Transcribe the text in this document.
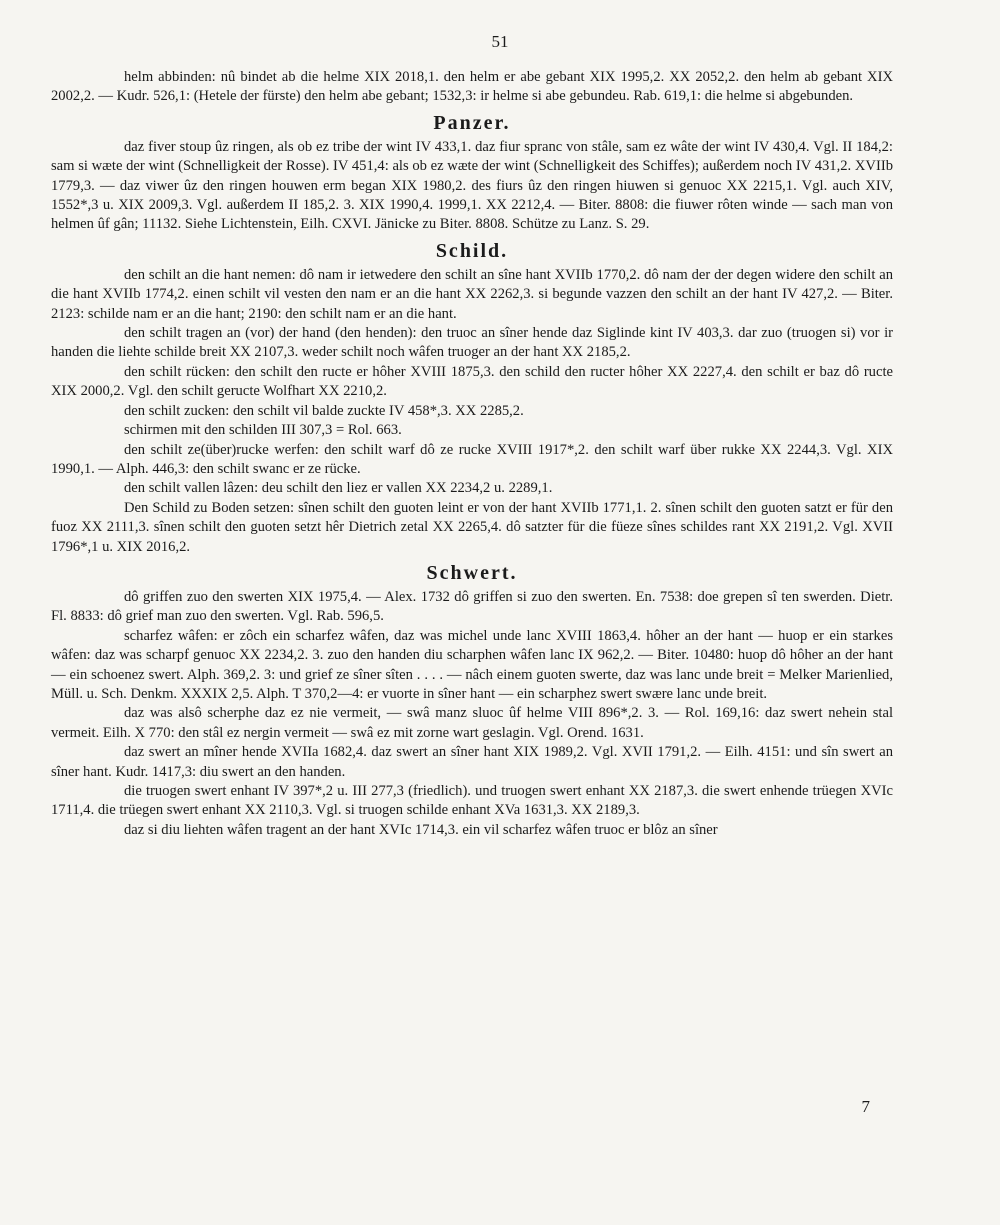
51

helm abbinden: nû bindet ab die helme XIX 2018,1. den helm er abe gebant XIX 1995,2. XX 2052,2. den helm ab gebant XIX 2002,2. — Kudr. 526,1: (Hetele der fürste) den helm abe gebant; 1532,3: ir helme si abe gebundeu. Rab. 619,1: die helme si abgebunden.

Panzer.

daz fiver stoup ûz ringen, als ob ez tribe der wint IV 433,1. daz fiur spranc von stâle, sam ez wâte der wint IV 430,4. Vgl. II 184,2: sam si wæte der wint (Schnelligkeit der Rosse). IV 451,4: als ob ez wæte der wint (Schnelligkeit des Schiffes); außerdem noch IV 431,2. XVIIb 1779,3. — daz viwer ûz den ringen houwen erm began XIX 1980,2. des fiurs ûz den ringen hiuwen si genuoc XX 2215,1. Vgl. auch XIV, 1552*,3 u. XIX 2009,3. Vgl. außerdem II 185,2. 3. XIX 1990,4. 1999,1. XX 2212,4. — Biter. 8808: die fiuwer rôten winde — sach man von helmen ûf gân; 11132. Siehe Lichtenstein, Eilh. CXVI. Jänicke zu Biter. 8808. Schütze zu Lanz. S. 29.

Schild.

den schilt an die hant nemen: dô nam ir ietwedere den schilt an sîne hant XVIIb 1770,2. dô nam der der degen widere den schilt an die hant XVIIb 1774,2. einen schilt vil vesten den nam er an die hant XX 2262,3. si begunde vazzen den schilt an der hant IV 427,2. — Biter. 2123: schilde nam er an die hant; 2190: den schilt nam er an die hant.

den schilt tragen an (vor) der hand (den henden): den truoc an sîner hende daz Siglinde kint IV 403,3. dar zuo (truogen si) vor ir handen die liehte schilde breit XX 2107,3. weder schilt noch wâfen truoger an der hant XX 2185,2.

den schilt rücken: den schilt den ructe er hôher XVIII 1875,3. den schild den ructer hôher XX 2227,4. den schilt er baz dô ructe XIX 2000,2. Vgl. den schilt geructe Wolfhart XX 2210,2.

den schilt zucken: den schilt vil balde zuckte IV 458*,3. XX 2285,2.

schirmen mit den schilden III 307,3 = Rol. 663.

den schilt ze(über)rucke werfen: den schilt warf dô ze rucke XVIII 1917*,2. den schilt warf über rukke XX 2244,3. Vgl. XIX 1990,1. — Alph. 446,3: den schilt swanc er ze rücke.

den schilt vallen lâzen: deu schilt den liez er vallen XX 2234,2 u. 2289,1.

Den Schild zu Boden setzen: sînen schilt den guoten leint er von der hant XVIIb 1771,1. 2. sînen schilt den guoten satzt er für den fuoz XX 2111,3. sînen schilt den guoten setzt hêr Dietrich zetal XX 2265,4. dô satzter für die füeze sînes schildes rant XX 2191,2. Vgl. XVII 1796*,1 u. XIX 2016,2.

Schwert.

dô griffen zuo den swerten XIX 1975,4. — Alex. 1732 dô griffen si zuo den swerten. En. 7538: doe grepen sî ten swerden. Dietr. Fl. 8833: dô grief man zuo den swerten. Vgl. Rab. 596,5.

scharfez wâfen: er zôch ein scharfez wâfen, daz was michel unde lanc XVIII 1863,4. hôher an der hant — huop er ein starkes wâfen: daz was scharpf genuoc XX 2234,2. 3. zuo den handen diu scharphen wâfen lanc IX 962,2. — Biter. 10480: huop dô hôher an der hant — ein schoenez swert. Alph. 369,2. 3: und grief ze sîner sîten . . . . — nâch einem guoten swerte, daz was lanc unde breit = Melker Marienlied, Müll. u. Sch. Denkm. XXXIX 2,5. Alph. T 370,2—4: er vuorte in sîner hant — ein scharphez swert swære lanc unde breit.

daz was alsô scherphe daz ez nie vermeit, — swâ manz sluoc ûf helme VIII 896*,2. 3. — Rol. 169,16: daz swert nehein stal vermeit. Eilh. X 770: den stâl ez nergin vermeit — swâ ez mit zorne wart geslagin. Vgl. Orend. 1631.

daz swert an mîner hende XVIIa 1682,4. daz swert an sîner hant XIX 1989,2. Vgl. XVII 1791,2. — Eilh. 4151: und sîn swert an sîner hant. Kudr. 1417,3: diu swert an den handen.

die truogen swert enhant IV 397*,2 u. III 277,3 (friedlich). und truogen swert enhant XX 2187,3. die swert enhende trüegen XVIc 1711,4. die trüegen swert enhant XX 2110,3. Vgl. si truogen schilde enhant XVa 1631,3. XX 2189,3.

daz si diu liehten wâfen tragent an der hant XVIc 1714,3. ein vil scharfez wâfen truoc er blôz an sîner

7
